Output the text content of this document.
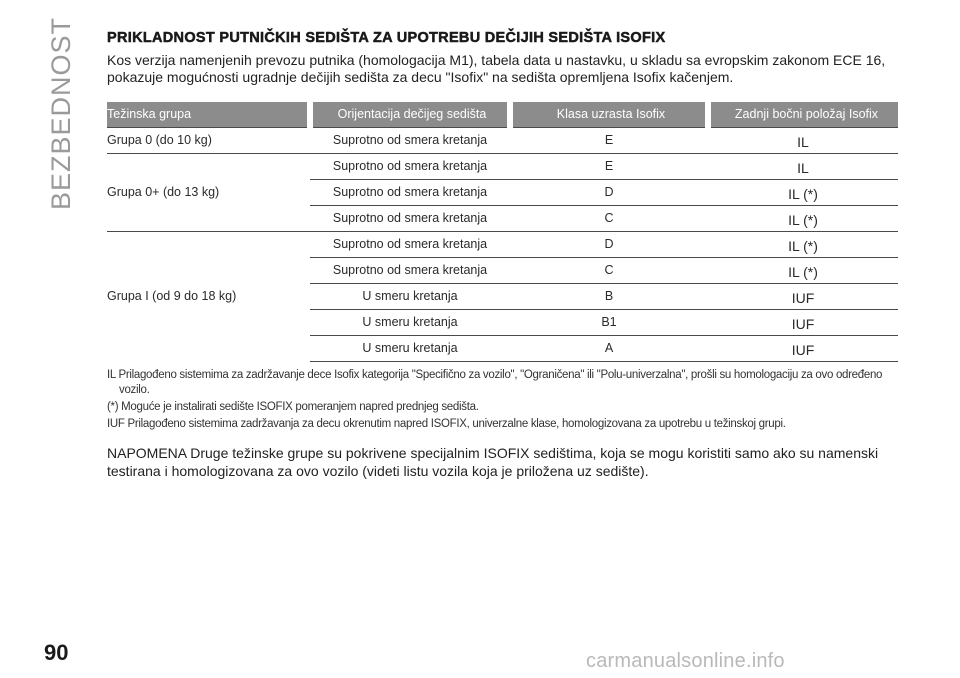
BEZBEDNOST PRIKLADNOST PUTNIČKIH SEDIŠTA ZA UPOTREBU DEČIJIH SEDIŠTA ISOFIX

Kos verzija namenjenih prevozu putnika (homologacija M1), tabela data u nastavku, u skladu sa evropskim zakonom ECE 16, pokazuje mogućnosti ugradnje dečijih sedišta za decu "Isofix" na sedišta opremljena Isofix kačenjem.

Težinska grupa	Orijentacija dečijeg sedišta	Klasa uzrasta Isofix	Zadnji bočni položaj Isofix
Grupa 0 (do 10 kg)	Suprotno od smera kretanja	E	IL
Grupa 0+ (do 13 kg)	Suprotno od smera kretanja	E	IL
	Suprotno od smera kretanja	D	IL (*)
	Suprotno od smera kretanja	C	IL (*)
Grupa I (od 9 do 18 kg)	Suprotno od smera kretanja	D	IL (*)
	Suprotno od smera kretanja	C	IL (*)
	U smeru kretanja	B	IUF
	U smeru kretanja	B1	IUF
	U smeru kretanja	A	IUF

IL Prilagođeno sistemima za zadržavanje dece Isofix kategorija "Specifično za vozilo", "Ograničena" ili "Polu-univerzalna", prošli su homologaciju za ovo određeno
vozilo.

(*) Moguće je instalirati sedište ISOFIX pomeranjem napred prednjeg sedišta.

IUF Prilagođeno sistemima zadržavanja za decu okrenutim napred ISOFIX, univerzalne klase, homologizovana za upotrebu u težinskoj grupi.

NAPOMENA Druge težinske grupe su pokrivene specijalnim ISOFIX sedištima, koja se mogu koristiti samo ako su namenski testirana i homologizovana za ovo vozilo (videti listu vozila koja je priložena uz sedište).

90	carmanualsonline.info
